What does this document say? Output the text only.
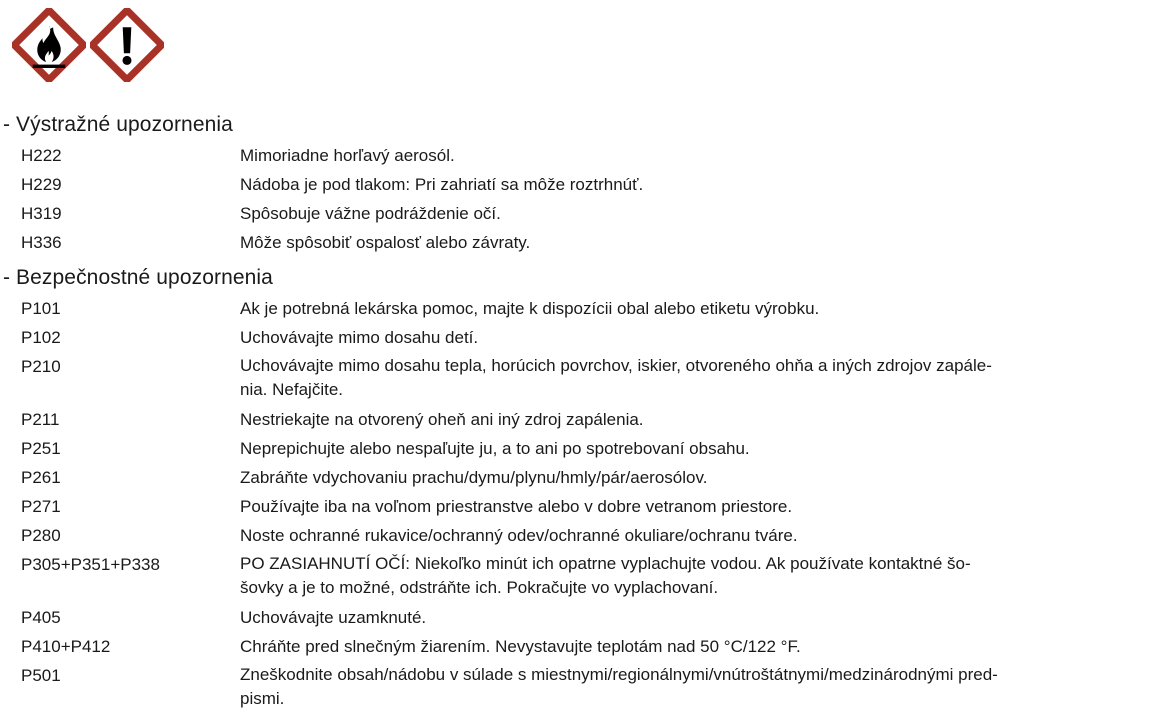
- Výstražné upozornenia
H222	Mimoriadne horľavý aerosól.
H229	Nádoba je pod tlakom: Pri zahriatí sa môže roztrhnúť.
H319	Spôsobuje vážne podráždenie očí.
H336	Môže spôsobiť ospalosť alebo závraty.
- Bezpečnostné upozornenia
P101	Ak je potrebná lekárska pomoc, majte k dispozícii obal alebo etiketu výrobku.
P102	Uchovávajte mimo dosahu detí.
P210	Uchovávajte mimo dosahu tepla, horúcich povrchov, iskier, otvoreného ohňa a iných zdrojov zapále-
nia. Nefajčite.
P211	Nestriekajte na otvorený oheň ani iný zdroj zapálenia.
P251	Neprepichujte alebo nespaľujte ju, a to ani po spotrebovaní obsahu.
P261	Zabráňte vdychovaniu prachu/dymu/plynu/hmly/pár/aerosólov.
P271	Používajte iba na voľnom priestranstve alebo v dobre vetranom priestore.
P280	Noste ochranné rukavice/ochranný odev/ochranné okuliare/ochranu tváre.
P305+P351+P338	PO ZASIAHNUTÍ OČÍ: Niekoľko minút ich opatrne vyplachujte vodou. Ak používate kontaktné šo-
šovky a je to možné, odstráňte ich. Pokračujte vo vyplachovaní.
P405	Uchovávajte uzamknuté.
P410+P412	Chráňte pred slnečným žiarením. Nevystavujte teplotám nad 50 °C/122 °F.
P501	Zneškodnite obsah/nádobu v súlade s miestnymi/regionálnymi/vnútroštátnymi/medzinárodnými pred-
pismi.
